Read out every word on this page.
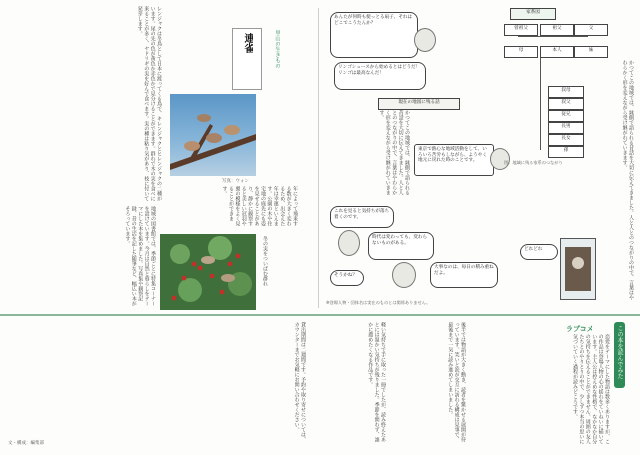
レンジャクは冬鳥として日本に渡ってくる鳥で、キレンジャクとヒレンジャクの二種がいます。尾の先の色が黄色か赤色かで見分けることができます。群れで木の実を食べに来ることが多く、ヤドリギの実を好んで食べます。実の種は粘り気があり、枝に付いて発芽します。
連雀	里山の生きもの
写真：ウォン
年によって飛来する数が大きく変わるため、出会えた年は幸運といえます。公園の木や住宅地の庭先にも姿を見せることがあり、静かに観察すると美しい冠羽や翼の模様をよく見ることができます。
冬の実をついばむ群れ
地域の図書館では、季節ごとに特集コーナーを設けています。今月は自然と暮らしをテーマにした本を集めました。写真集や観察記録、昔の生活を記した随筆など、幅広い本がそろっています。
貸出期間は二週間です。予約や取り寄せについては、カウンターまでお気軽にお問い合わせください。
文・構成：編集部
あんたが何時も使っとる扇子、それはどこでこうたんか？
リンゴシュースから始めるとはどうだ！リンゴは最高なんだ！
現在の地図に残る話
かつてこの地域では、縁側で語られる昔話を大切に伝えてきました。人と人とのつながりの中で、言葉はやわらかく形を変えながら受け継がれていきます。
東京で熱心な地域活動をして、いろいろ苦労もしながら、ようやく地元に戻れた時のことです。
これを見ると気持ちが落ち着くのです。
時代は変わっても、変わらないものがある。
大事なのは、毎日の積み重ねだよ。
そうかね？
※登場人物・団体名は実在のものとは関係ありません。
家系図
曾祖父	祖父	父
母	本人	妹
叔母
叔父
従兄
長男
長女
孫
図：地域に残る家系のつながり	かつてこの地域では、縁側で語られる昔話を大切に伝えてきました。人と人とのつながりの中で、言葉はやわらかく形を変えながら受け継がれていきます。
どれどれ
この本を読んでみた
ラブコメ
恋愛をテーマにした物語は数多くありますが、この作品は登場人物の心の揺れをていねいに描いています。主人公は控えめな性格で、なかなか自分の気持ちを伝えることができません。周囲の友人たちとのやりとりの中で、少しずつ本当の思いに気づいていく過程が読みどころです。
後半では物語が大きく動き、読者を驚かせる展開が待っています。笑いと涙が交互に訪れる構成は見事で、最後まで一気に読み進めてしまいました。
軽い気持ちで手に取った一冊でしたが、読み終えたあとには温かい気持ちが残りました。季節を問わず、誰かに薦めたくなる作品です。
